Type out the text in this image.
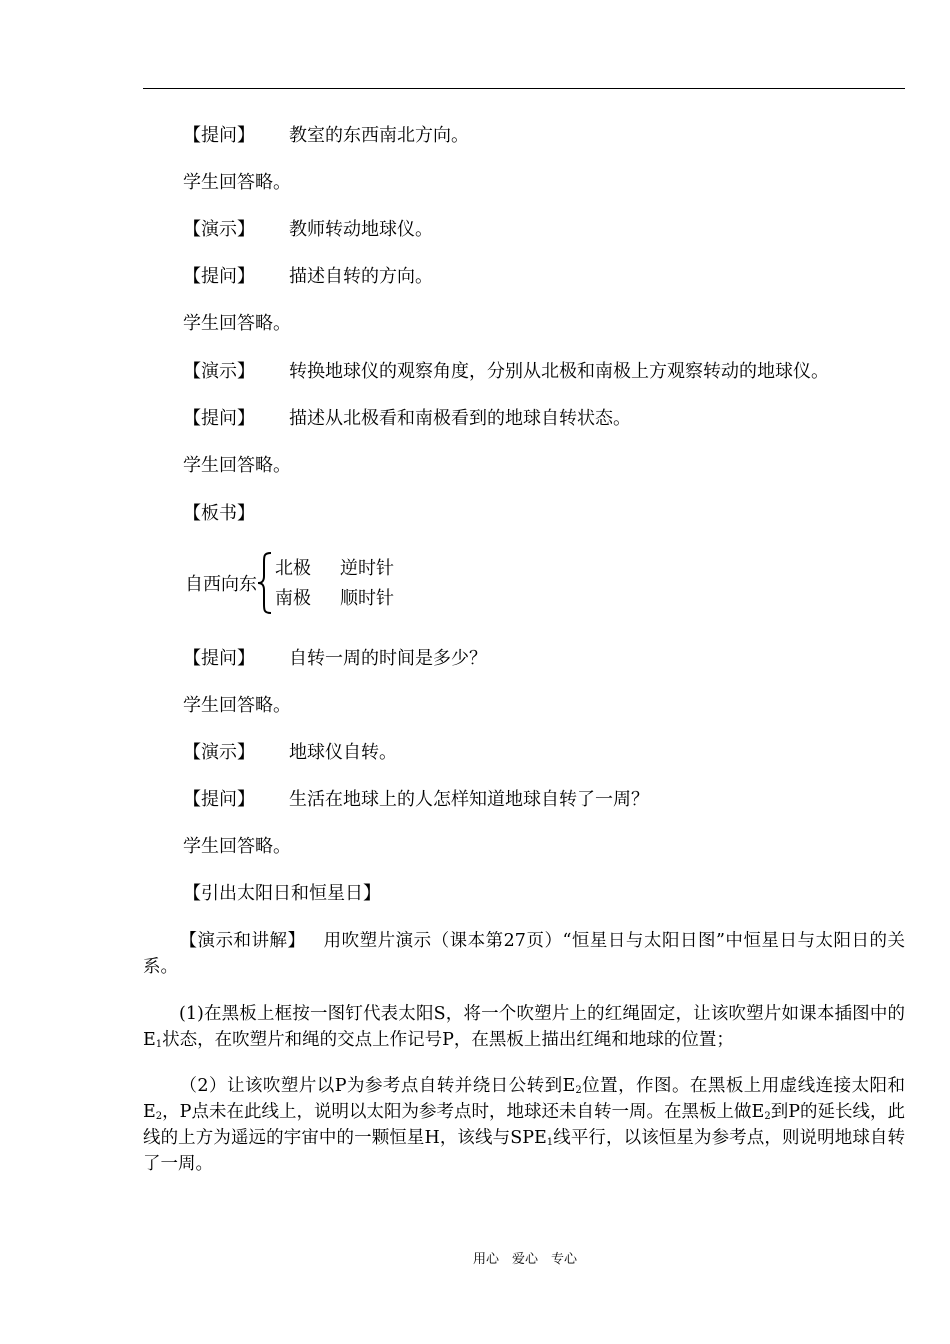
【提问】 教室的东西南北方向。
学生回答略。
【演示】 教师转动地球仪。
【提问】 描述自转的方向。
学生回答略。
【演示】 转换地球仪的观察角度，分别从北极和南极上方观察转动的地球仪。
【提问】 描述从北极看和南极看到的地球自转状态。
学生回答略。
【板书】
自西向东
北极 逆时针
南极 顺时针
【提问】 自转一周的时间是多少？
学生回答略。
【演示】 地球仪自转。
【提问】 生活在地球上的人怎样知道地球自转了一周？
学生回答略。
【引出太阳日和恒星日】
【演示和讲解】  用吹塑片演示（课本第27页）“恒星日与太阳日图”中恒星日与太阳日的关系。
(1)在黑板上框按一图钉代表太阳S，将一个吹塑片上的红绳固定，让该吹塑片如课本插图中的$E_1$状态，在吹塑片和绳的交点上作记号P，在黑板上描出红绳和地球的位置；
（2）让该吹塑片以P为参考点自转并绕日公转到$E_2$位置，作图。在黑板上用虚线连接太阳和$E_2$，P点未在此线上，说明以太阳为参考点时，地球还未自转一周。在黑板上做$E_2$到P的延长线，此线的上方为遥远的宇宙中的一颗恒星H，该线与$SPE_1$线平行，以该恒星为参考点，则说明地球自转了一周。
用心　爱心　专心
